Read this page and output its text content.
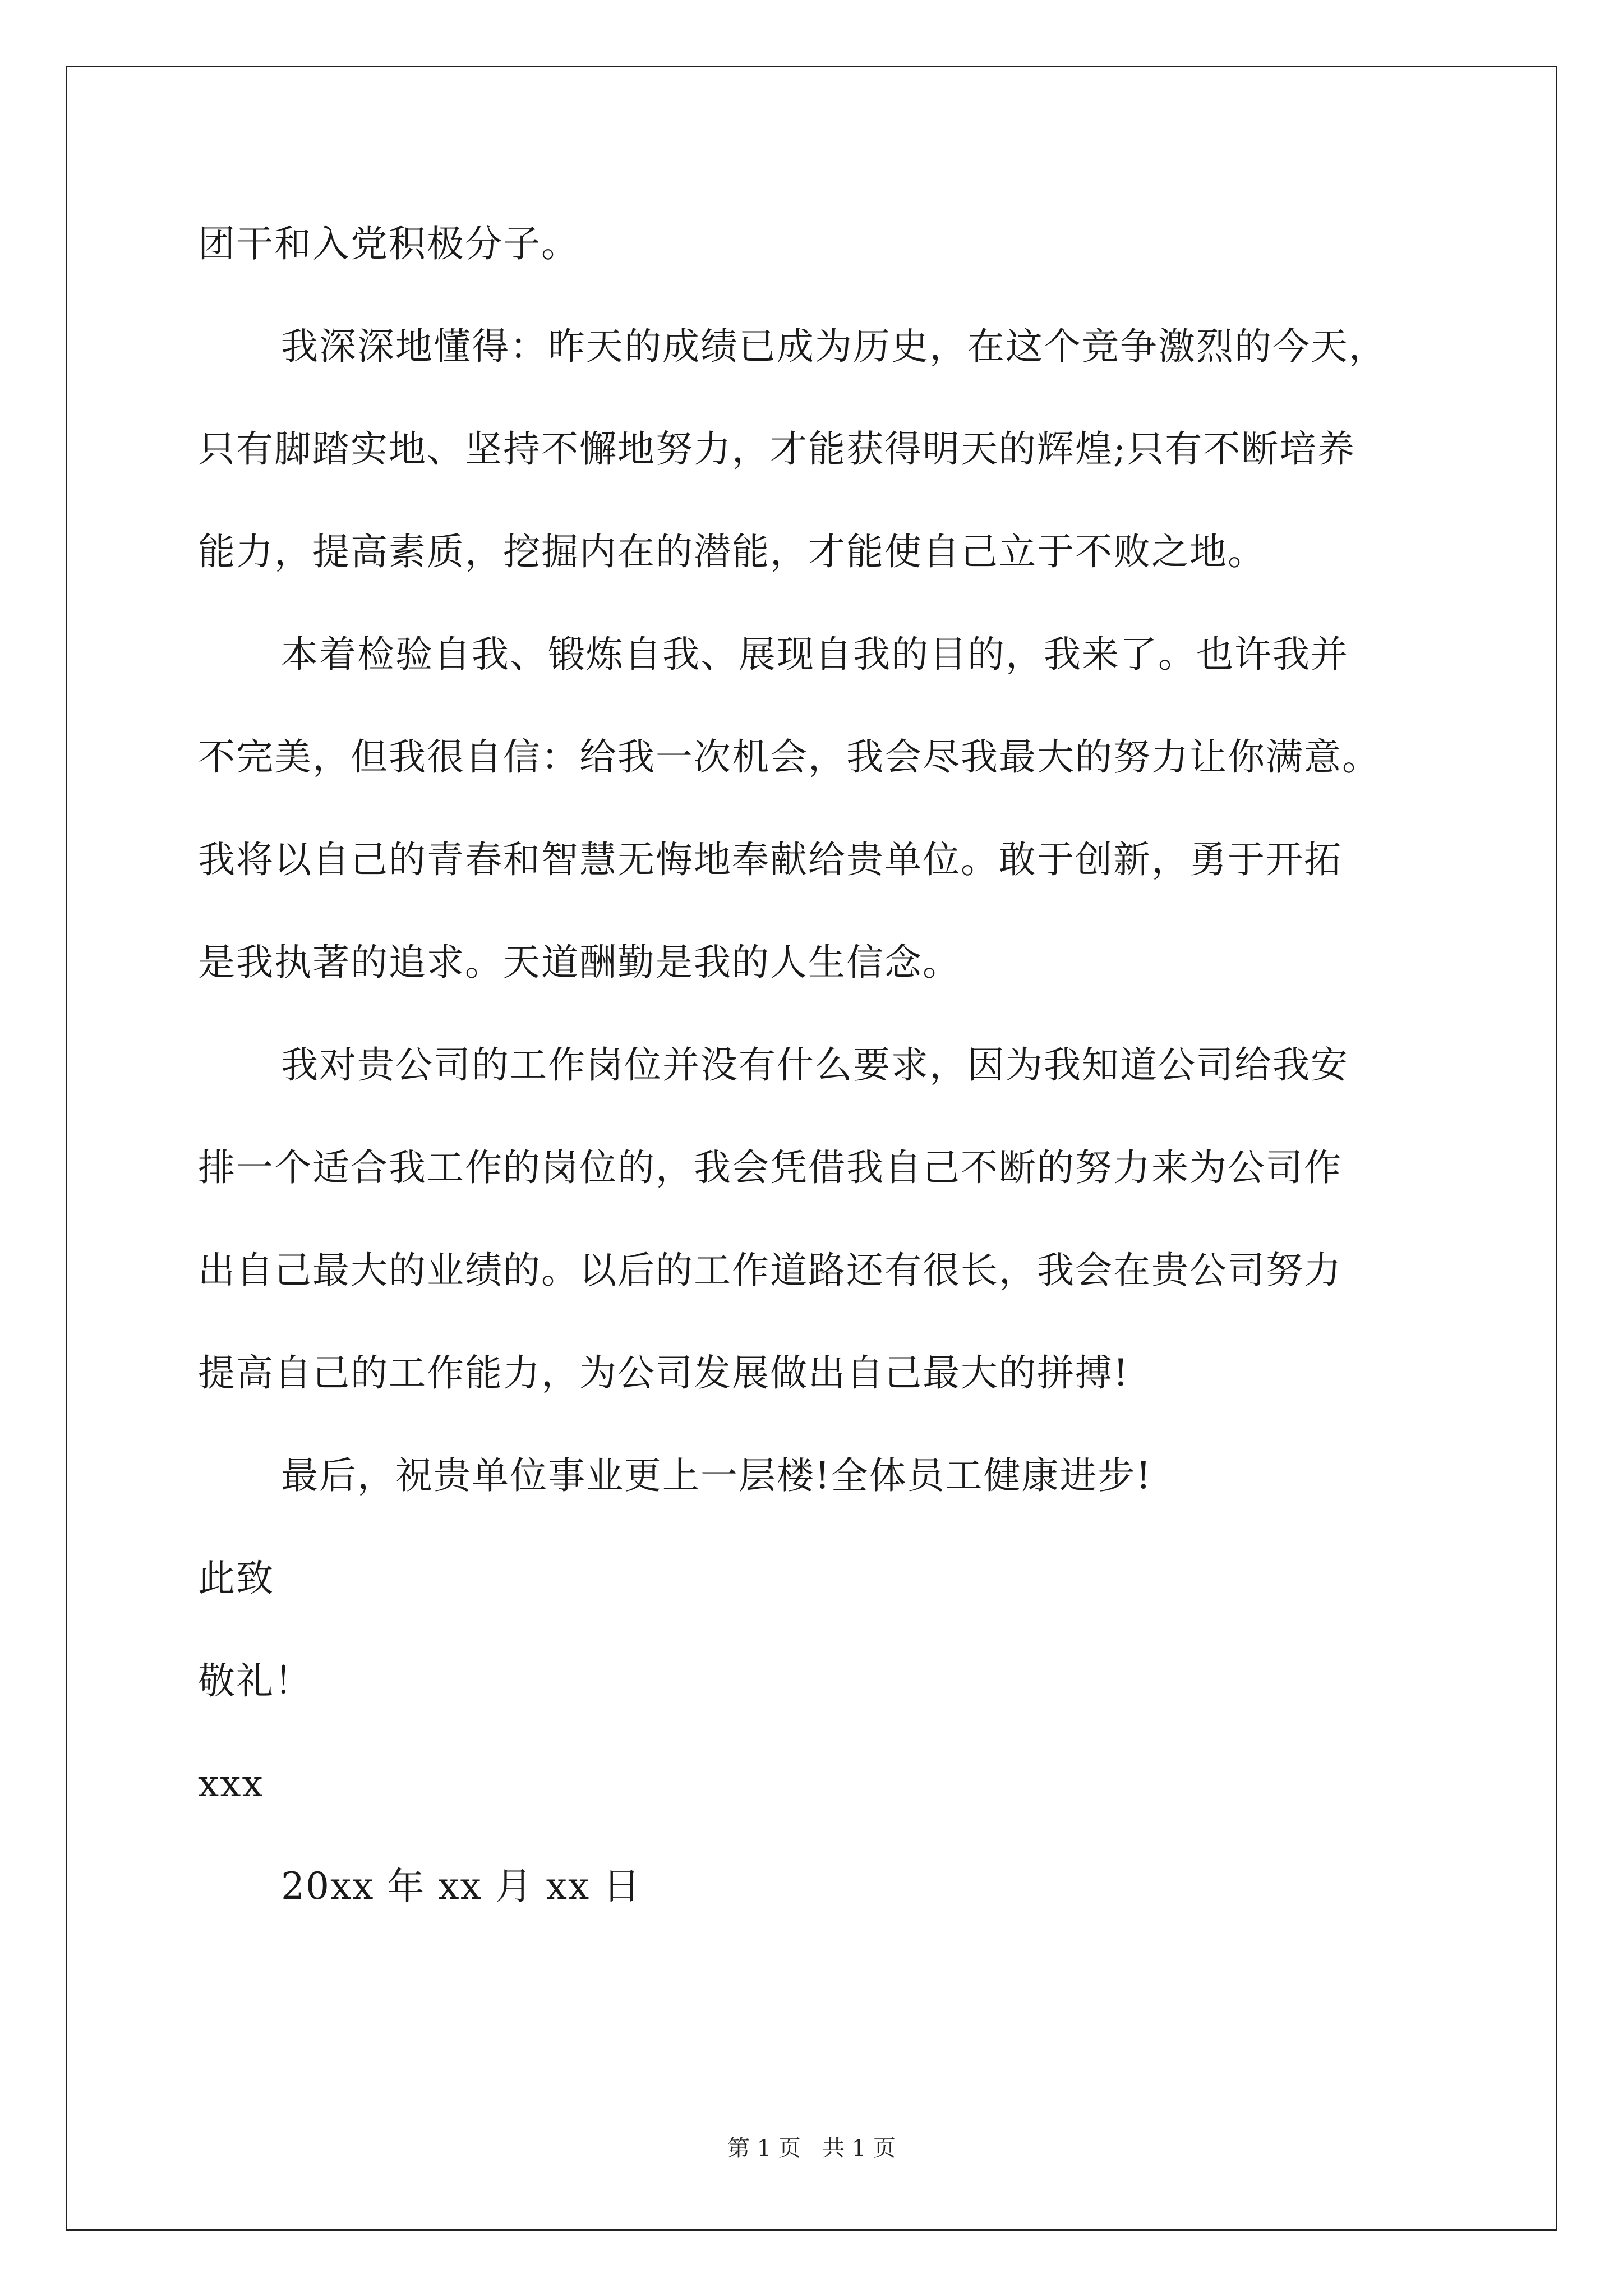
团干和入党积极分子。
我深深地懂得：昨天的成绩已成为历史，在这个竞争激烈的今天，
只有脚踏实地、坚持不懈地努力，才能获得明天的辉煌;只有不断培养
能力，提高素质，挖掘内在的潜能，才能使自己立于不败之地。
本着检验自我、锻炼自我、展现自我的目的，我来了。也许我并
不完美，但我很自信：给我一次机会，我会尽我最大的努力让你满意。
我将以自己的青春和智慧无悔地奉献给贵单位。敢于创新，勇于开拓
是我执著的追求。天道酬勤是我的人生信念。
我对贵公司的工作岗位并没有什么要求，因为我知道公司给我安
排一个适合我工作的岗位的，我会凭借我自己不断的努力来为公司作
出自己最大的业绩的。以后的工作道路还有很长，我会在贵公司努力
提高自己的工作能力，为公司发展做出自己最大的拼搏!
最后，祝贵单位事业更上一层楼!全体员工健康进步!
此致
敬礼！
xxx
20xx 年 xx 月 xx 日
第 1 页   共 1 页
